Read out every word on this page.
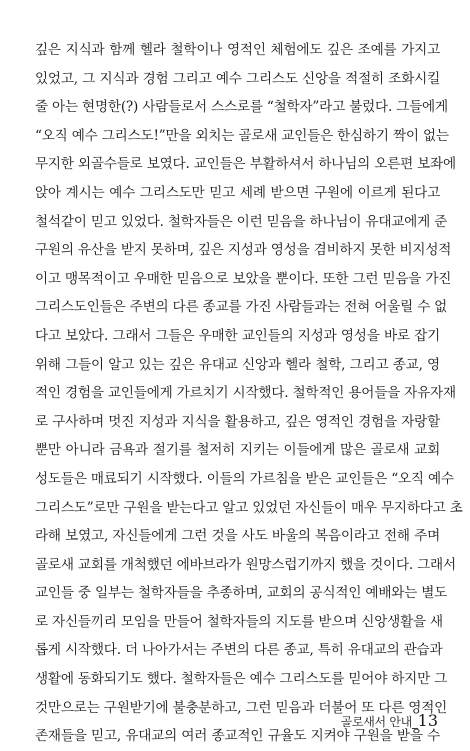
깊은 지식과 함께 헬라 철학이나 영적인 체험에도 깊은 조예를 가지고
있었고, 그 지식과 경험 그리고 예수 그리스도 신앙을 적절히 조화시킬
줄 아는 현명한(?) 사람들로서 스스로를 “철학자”라고 불렀다. 그들에게
“오직 예수 그리스도!”만을 외치는 골로새 교인들은 한심하기 짝이 없는
무지한 외골수들로 보였다. 교인들은 부활하셔서 하나님의 오른편 보좌에
앉아 계시는 예수 그리스도만 믿고 세례 받으면 구원에 이르게 된다고
철석같이 믿고 있었다. 철학자들은 이런 믿음을 하나님이 유대교에게 준
구원의 유산을 받지 못하며, 깊은 지성과 영성을 겸비하지 못한 비지성적
이고 맹목적이고 우매한 믿음으로 보았을 뿐이다. 또한 그런 믿음을 가진
그리스도인들은 주변의 다른 종교를 가진 사람들과는 전혀 어울릴 수 없
다고 보았다. 그래서 그들은 우매한 교인들의 지성과 영성을 바로 잡기
위해 그들이 알고 있는 깊은 유대교 신앙과 헬라 철학, 그리고 종교, 영
적인 경험을 교인들에게 가르치기 시작했다. 철학적인 용어들을 자유자재
로 구사하며 멋진 지성과 지식을 활용하고, 깊은 영적인 경험을 자랑할
뿐만 아니라 금욕과 절기를 철저히 지키는 이들에게 많은 골로새 교회
성도들은 매료되기 시작했다. 이들의 가르침을 받은 교인들은 “오직 예수
그리스도”로만 구원을 받는다고 알고 있었던 자신들이 매우 무지하다고 초
라해 보였고, 자신들에게 그런 것을 사도 바울의 복음이라고 전해 주며
골로새 교회를 개척했던 에바브라가 원망스럽기까지 했을 것이다. 그래서
교인들 중 일부는 철학자들을 추종하며, 교회의 공식적인 예배와는 별도
로 자신들끼리 모임을 만들어 철학자들의 지도를 받으며 신앙생활을 새
롭게 시작했다. 더 나아가서는 주변의 다른 종교, 특히 유대교의 관습과
생활에 동화되기도 했다. 철학자들은 예수 그리스도를 믿어야 하지만 그
것만으로는 구원받기에 불충분하고, 그런 믿음과 더불어 또 다른 영적인
존재들을 믿고, 유대교의 여러 종교적인 규율도 지켜야 구원을 받을 수
골로새서 안내_13
